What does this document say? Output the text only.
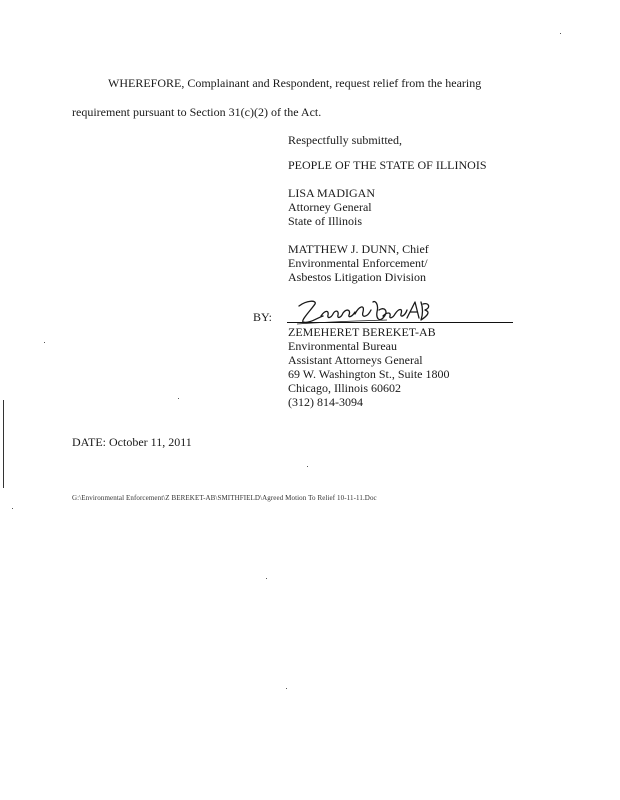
WHEREFORE, Complainant and Respondent, request relief from the hearing
requirement pursuant to Section 31(c)(2) of the Act.
Respectfully submitted,
PEOPLE OF THE STATE OF ILLINOIS
LISA MADIGAN
Attorney General
State of Illinois
MATTHEW J. DUNN, Chief
Environmental Enforcement/
Asbestos Litigation Division
BY:
ZEMEHERET BEREKET-AB
Environmental Bureau
Assistant Attorneys General
69 W. Washington St., Suite 1800
Chicago, Illinois 60602
(312) 814-3094
DATE: October 11, 2011
G:\Environmental Enforcement\Z BEREKET-AB\SMITHFIELD\Agreed Motion To Relief 10-11-11.Doc
